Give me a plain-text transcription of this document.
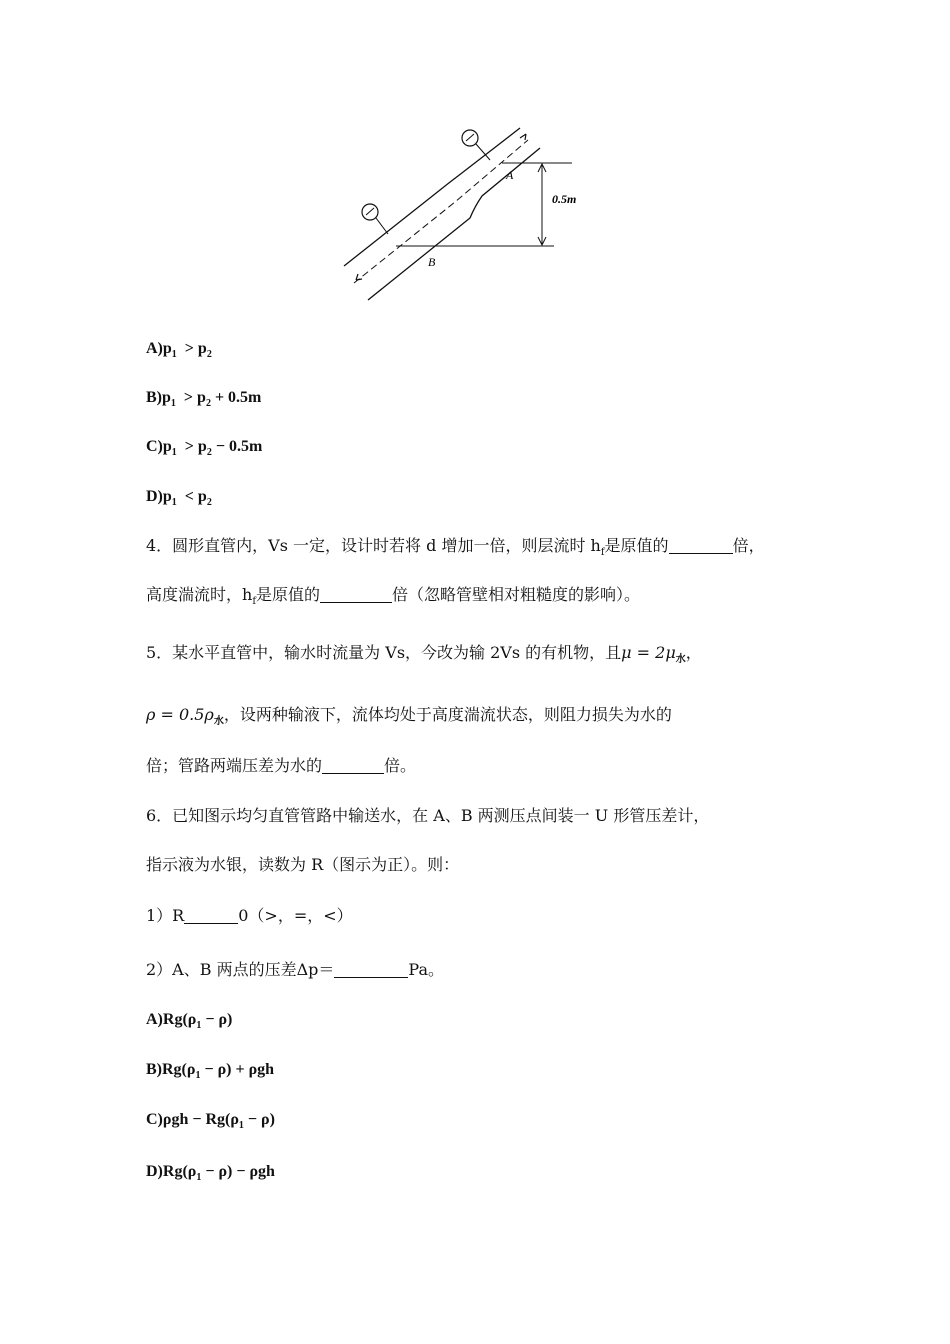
A
B
0.5m
$A)p_1 > p_2$
$B)p_1 > p_2 + 0.5m$
$C)p_1 > p_2 - 0.5m$
$D)p_1 < p_2$
4．圆形直管内，Vs 一定，设计时若将 d 增加一倍，则层流时 $h_f$是原值的	倍，
高度湍流时，$h_f$是原值的	倍（忽略管壁相对粗糙度的影响）。
5．某水平直管中，输水时流量为 Vs，今改为输 2Vs 的有机物，且$\mu = 2\mu_水$，
$\rho = 0.5\rho_水$，设两种输液下，流体均处于高度湍流状态，则阻力损失为水的
倍；管路两端压差为水的	倍。
6．已知图示均匀直管管路中输送水，在 A、B 两测压点间装一 U 形管压差计，
指示液为水银，读数为 R（图示为正）。则：
1）R	0（>，=，<）
2）A、B 两点的压差Δp＝	Pa。
$A)Rg(\rho_1 - \rho)$
$B)Rg(\rho_1 - \rho) + \rho gh$
$C)\rho gh - Rg(\rho_1 - \rho)$
$D)Rg(\rho_1 - \rho) - \rho gh$
